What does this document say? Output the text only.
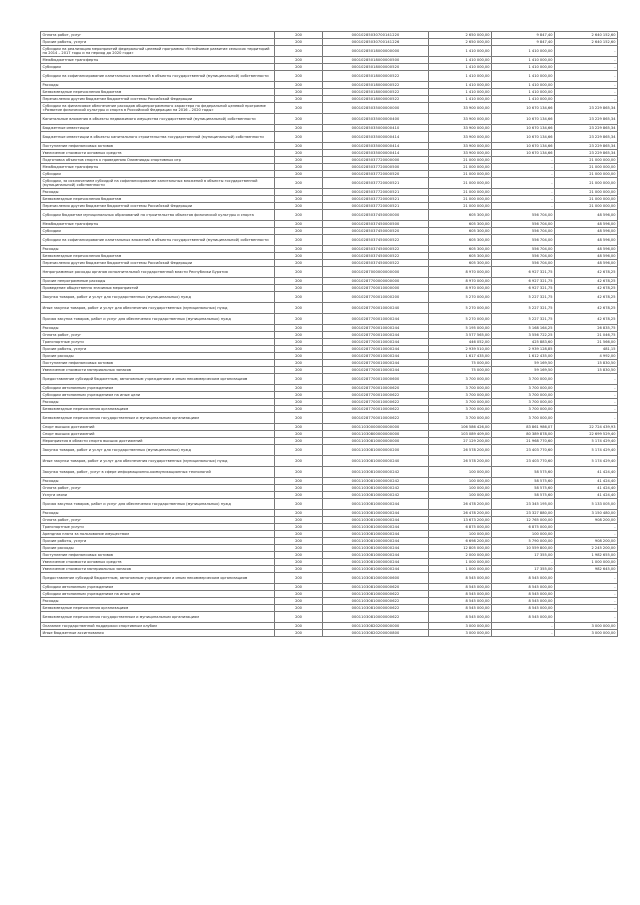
Оплата работ, услуг	200	00010285030700141220	2 650 000,00	9 847,40	2 640 152,60
Прочие работы, услуги	200	00010285030700141226	2 650 000,00	9 847,40	2 640 152,60
Субсидии на реализацию мероприятий федеральной целевой программы «Устойчивое развитие сельских территорий на 2014 – 2017 годы и на период до 2020 года»	200	00010285018000000000	1 410 000,00	1 410 000,00	-
Межбюджетные трансферты	200	00010285018000000500	1 410 000,00	1 410 000,00	-
Субсидии	200	00010285018000000520	1 410 000,00	1 410 000,00	-
Субсидии на софинансирование капитальных вложений в объекты государственной (муниципальной) собственности	200	00010285018000000522	1 410 000,00	1 410 000,00	-
Расходы	200	00010285018000000522	1 410 000,00	1 410 000,00	-
Безвозмездные перечисления бюджетам	200	00010285018000000522	1 410 000,00	1 410 000,00	-
Перечисления другим бюджетам бюджетной системы Российской Федерации	200	00010285018000000522	1 410 000,00	1 410 000,00	-
Субсидии на финансовое обеспечение расходов общепрограммного характера по федеральной целевой программе «Развитие физической культуры и спорта в Российской Федерации на 2016 – 2020 годы»	200	00010285035000000000	33 900 000,00	10 670 134,66	23 229 865,34
Капитальные вложения в объекты недвижимого имущества государственной (муниципальной) собственности	200	00010285035000000400	33 900 000,00	10 670 134,66	23 229 865,34
Бюджетные инвестиции	200	00010285035000000410	33 900 000,00	10 670 134,66	23 229 865,34
Бюджетные инвестиции в объекты капитального строительства государственной (муниципальной) собственности	200	00010285035000000414	33 900 000,00	10 670 134,66	23 229 865,34
Поступление нефинансовых активов	200	00010285035000000414	33 900 000,00	10 670 134,66	23 229 865,34
Увеличение стоимости основных средств	200	00010285035000000414	33 900 000,00	10 670 134,66	23 229 865,34
Подготовка объектов спорта к проведению Олимпиады спортивных игр	200	00010285037720000000	21 000 000,00	-	21 000 000,00
Межбюджетные трансферты	200	00010285037720000500	21 000 000,00	-	21 000 000,00
Субсидии	200	00010285037720000520	21 000 000,00	-	21 000 000,00
Субсидии, за исключением субсидий на софинансирование капитальных вложений в объекты государственной (муниципальной) собственности	200	00010285037720000521	21 000 000,00	-	21 000 000,00
Расходы	200	00010285037720000521	21 000 000,00	-	21 000 000,00
Безвозмездные перечисления бюджетам	200	00010285037720000521	21 000 000,00	-	21 000 000,00
Перечисления другим бюджетам бюджетной системы Российской Федерации	200	00010285037720000521	21 000 000,00	-	21 000 000,00
Субсидии бюджетам муниципальных образований на строительство объектов физической культуры и спорта	200	00010285037450000000	605 300,00	556 704,00	48 596,00
Межбюджетные трансферты	200	00010285037450000500	605 300,00	556 704,00	48 596,00
Субсидии	200	00010285037450000520	605 300,00	556 704,00	48 596,00
Субсидии на софинансирование капитальных вложений в объекты государственной (муниципальной) собственности	200	00010285037450000522	605 300,00	556 704,00	48 596,00
Расходы	200	00010285037450000522	605 300,00	556 704,00	48 596,00
Безвозмездные перечисления бюджетам	200	00010285037450000522	605 300,00	556 704,00	48 596,00
Перечисления другим бюджетам бюджетной системы Российской Федерации	200	00010285037450000522	605 300,00	556 704,00	48 596,00
Непрограммные расходы органов исполнительной государственной власти Республики Бурятия	200	00010287000000000000	8 970 000,00	6 927 321,75	42 678,25
Прочие непрограммные расходы	200	00010287700000000000	8 970 000,00	6 927 321,75	42 678,25
Проведение общественно значимых мероприятий	200	00010287700010000000	8 970 000,00	6 927 321,75	42 678,25
Закупка товаров, работ и услуг для государственных (муниципальных) нужд	200	00010287700010000200	5 270 000,00	5 227 321,75	42 678,25
Иные закупки товаров, работ и услуг для обеспечения государственных (муниципальных) нужд	200	00010287700010000240	5 270 000,00	5 227 321,75	42 678,25
Прочая закупка товаров, работ и услуг для обеспечения государственных (муниципальных) нужд	200	00010287700010000244	5 270 000,00	5 227 321,75	42 678,25
Расходы	200	00010287700010000244	5 195 000,00	5 168 164,25	26 835,75
Оплата работ, услуг	200	00010287700010000244	3 577 565,00	3 556 722,25	21 046,75
Транспортные услуги	200	00010287700010000244	446 052,00	425 883,60	21 566,00
Прочие работы, услуги	200	00010287700010000244	2 939 510,00	2 939 128,85	481,15
Прочие расходы	200	00010287700010000244	1 617 435,00	1 612 435,00	4 992,00
Поступление нефинансовых активов	200	00010287700010000244	75 000,00	59 169,50	15 830,50
Увеличение стоимости материальных запасов	200	00010287700010000244	75 000,00	59 169,50	15 830,50
Предоставление субсидий бюджетным, автономным учреждениям и иным некоммерческим организациям	200	00010287700010000600	3 700 000,00	3 700 000,00	-
Субсидии автономным учреждениям	200	00010287700010000620	3 700 000,00	3 700 000,00	-
Субсидии автономным учреждениям на иные цели	200	00010287700010000622	3 700 000,00	3 700 000,00	-
Расходы	200	00010287700010000622	3 700 000,00	3 700 000,00	-
Безвозмездные перечисления организациям	200	00010287700010000622	3 700 000,00	3 700 000,00	-
Безвозмездные перечисления государственным и муниципальным организациям	200	00010287700010000622	3 700 000,00	3 700 000,00	-
Спорт высших достижений	200	00011030000000000000	106 586 426,00	83 861 986,07	22 724 439,93
Спорт высших достижений	200	00011030800000000000	103 089 409,00	80 389 878,00	22 699 529,40
Мероприятия в области спорта высших достижений	200	00011030810000000000	27 129 200,00	21 968 770,60	5 174 429,40
Закупка товаров, работ и услуг для государственных (муниципальных) нужд	200	00011030810000000200	26 578 200,00	23 403 770,60	5 174 429,40
Иные закупки товаров, работ и услуг для обеспечения государственных (муниципальных) нужд	200	00011030810000000240	26 578 200,00	23 403 770,60	5 174 429,40
Закупка товаров, работ, услуг в сфере информационно-коммуникационных технологий	200	00011030810000000242	100 000,00	58 575,60	41 424,40
Расходы	200	00011030810000000242	100 000,00	58 575,60	41 424,40
Оплата работ, услуг	200	00011030810000000242	100 000,00	58 575,60	41 424,40
Услуги связи	200	00011030810000000242	100 000,00	58 575,60	41 424,40
Прочая закупка товаров, работ и услуг для обеспечения государственных (муниципальных) нужд	200	00011030810000000244	26 478 200,00	23 345 195,00	5 133 005,00
Расходы	200	00011030810000000244	26 478 200,00	23 327 880,00	3 150 480,00
Оплата работ, услуг	200	00011030810000000244	13 673 200,00	12 765 000,00	908 200,00
Транспортные услуги	200	00011030810000000244	6 875 000,00	6 875 000,00	-
Арендная плата за пользование имуществом	200	00011030810000000244	100 000,00	100 000,00	-
Прочие работы, услуги	200	00011030810000000244	6 698 200,00	5 790 000,00	908 200,00
Прочие расходы	200	00011030810000000244	12 805 000,00	10 559 800,00	2 245 200,00
Поступление нефинансовых активов	200	00011030810000000244	2 000 000,00	17 355,00	1 982 655,00
Увеличение стоимости основных средств	200	00011030810000000244	1 000 000,00	-	1 000 000,00
Увеличение стоимости материальных запасов	200	00011030810000000244	1 000 000,00	17 355,00	982 645,00
Предоставление субсидий бюджетным, автономным учреждениям и иным некоммерческим организациям	200	00011030810000000600	8 545 000,00	8 545 000,00	-
Субсидии автономным учреждениям	200	00011030810000000620	8 545 000,00	8 545 000,00	-
Субсидии автономным учреждениям на иные цели	200	00011030810000000622	8 545 000,00	8 545 000,00	-
Расходы	200	00011030810000000622	8 545 000,00	8 545 000,00	-
Безвозмездные перечисления организациям	200	00011030810000000622	8 545 000,00	8 545 000,00	-
Безвозмездные перечисления государственным и муниципальным организациям	200	00011030810000000622	8 545 000,00	8 545 000,00	-
Оказание государственной поддержки спортивным клубам	200	00011030820200000000	3 000 000,00	-	3 000 000,00
Иные бюджетные ассигнования	200	00011030820200000800	3 000 000,00	-	3 000 000,00
